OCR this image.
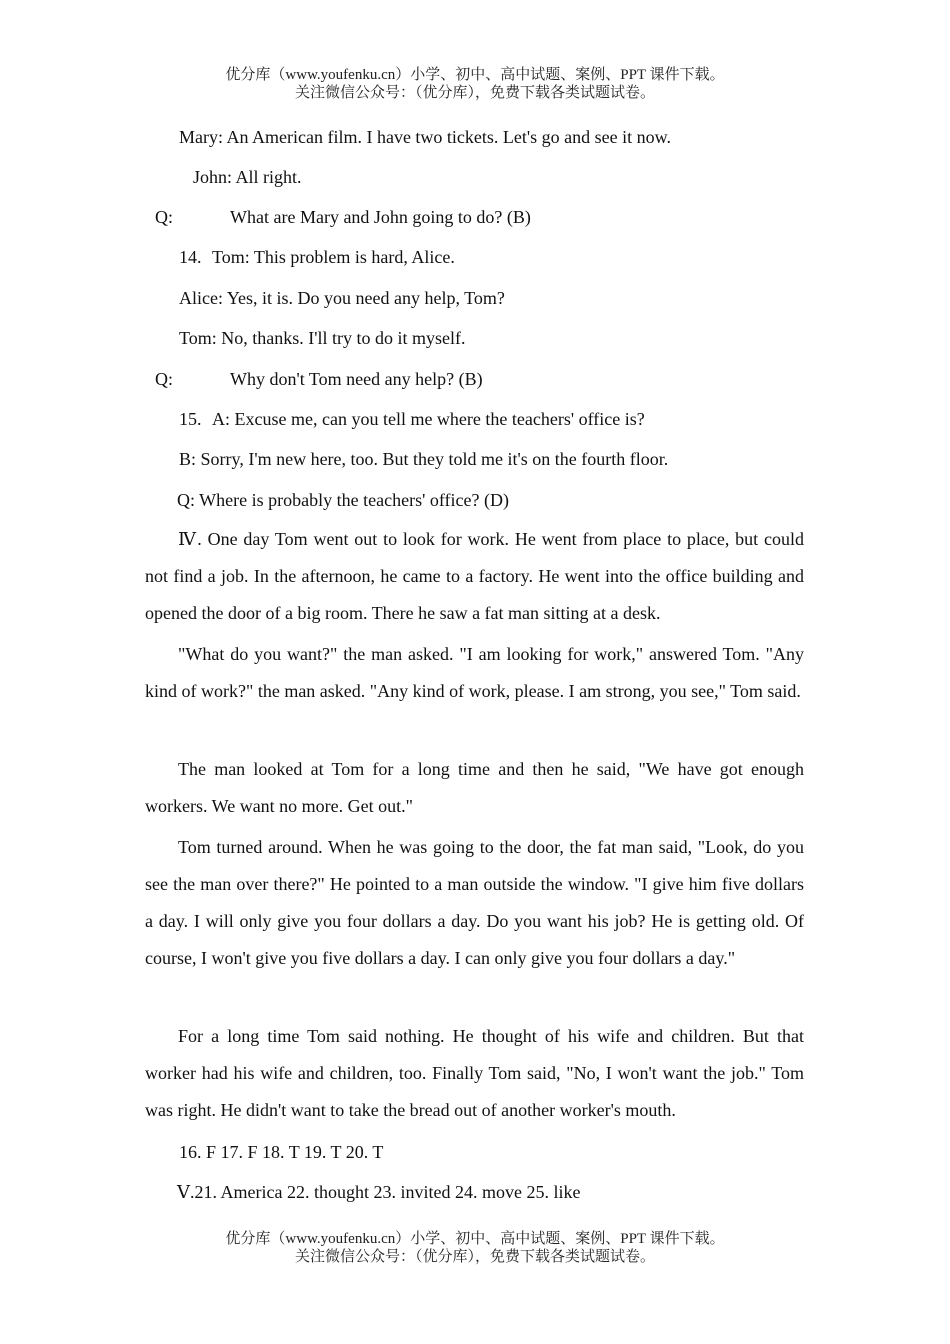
优分库（www.youfenku.cn）小学、初中、高中试题、案例、PPT 课件下载。
关注微信公众号：（优分库），免费下载各类试题试卷。
Mary: An American film. I have two tickets. Let's go and see it now.
John: All right.
Q:	What are Mary and John going to do? (B)
14. Tom: This problem is hard, Alice.
Alice: Yes, it is. Do you need any help, Tom?
Tom: No, thanks. I'll try to do it myself.
Q:	Why don't Tom need any help? (B)
15. A: Excuse me, can you tell me where the teachers' office is?
B: Sorry, I'm new here, too. But they told me it's on the fourth floor.
Q: Where is probably the teachers' office? (D)

Ⅳ. One day Tom went out to look for work. He went from place to place, but could not find a job. In the afternoon, he came to a factory. He went into the office building and opened the door of a big room. There he saw a fat man sitting at a desk.

"What do you want?" the man asked. "I am looking for work," answered Tom. "Any kind of work?" the man asked. "Any kind of work, please. I am strong, you see," Tom said.

The man looked at Tom for a long time and then he said, "We have got enough workers. We want no more. Get out."

Tom turned around. When he was going to the door, the fat man said, "Look, do you see the man over there?" He pointed to a man outside the window. "I give him five dollars a day. I will only give you four dollars a day. Do you want his job? He is getting old. Of course, I won't give you five dollars a day. I can only give you four dollars a day."

For a long time Tom said nothing. He thought of his wife and children. But that worker had his wife and children, too. Finally Tom said, "No, I won't want the job." Tom was right. He didn't want to take the bread out of another worker's mouth.

16. F 17. F 18. T 19. T 20. T
Ⅴ.21. America 22. thought 23. invited 24. move 25. like
优分库（www.youfenku.cn）小学、初中、高中试题、案例、PPT 课件下载。
关注微信公众号：（优分库），免费下载各类试题试卷。
